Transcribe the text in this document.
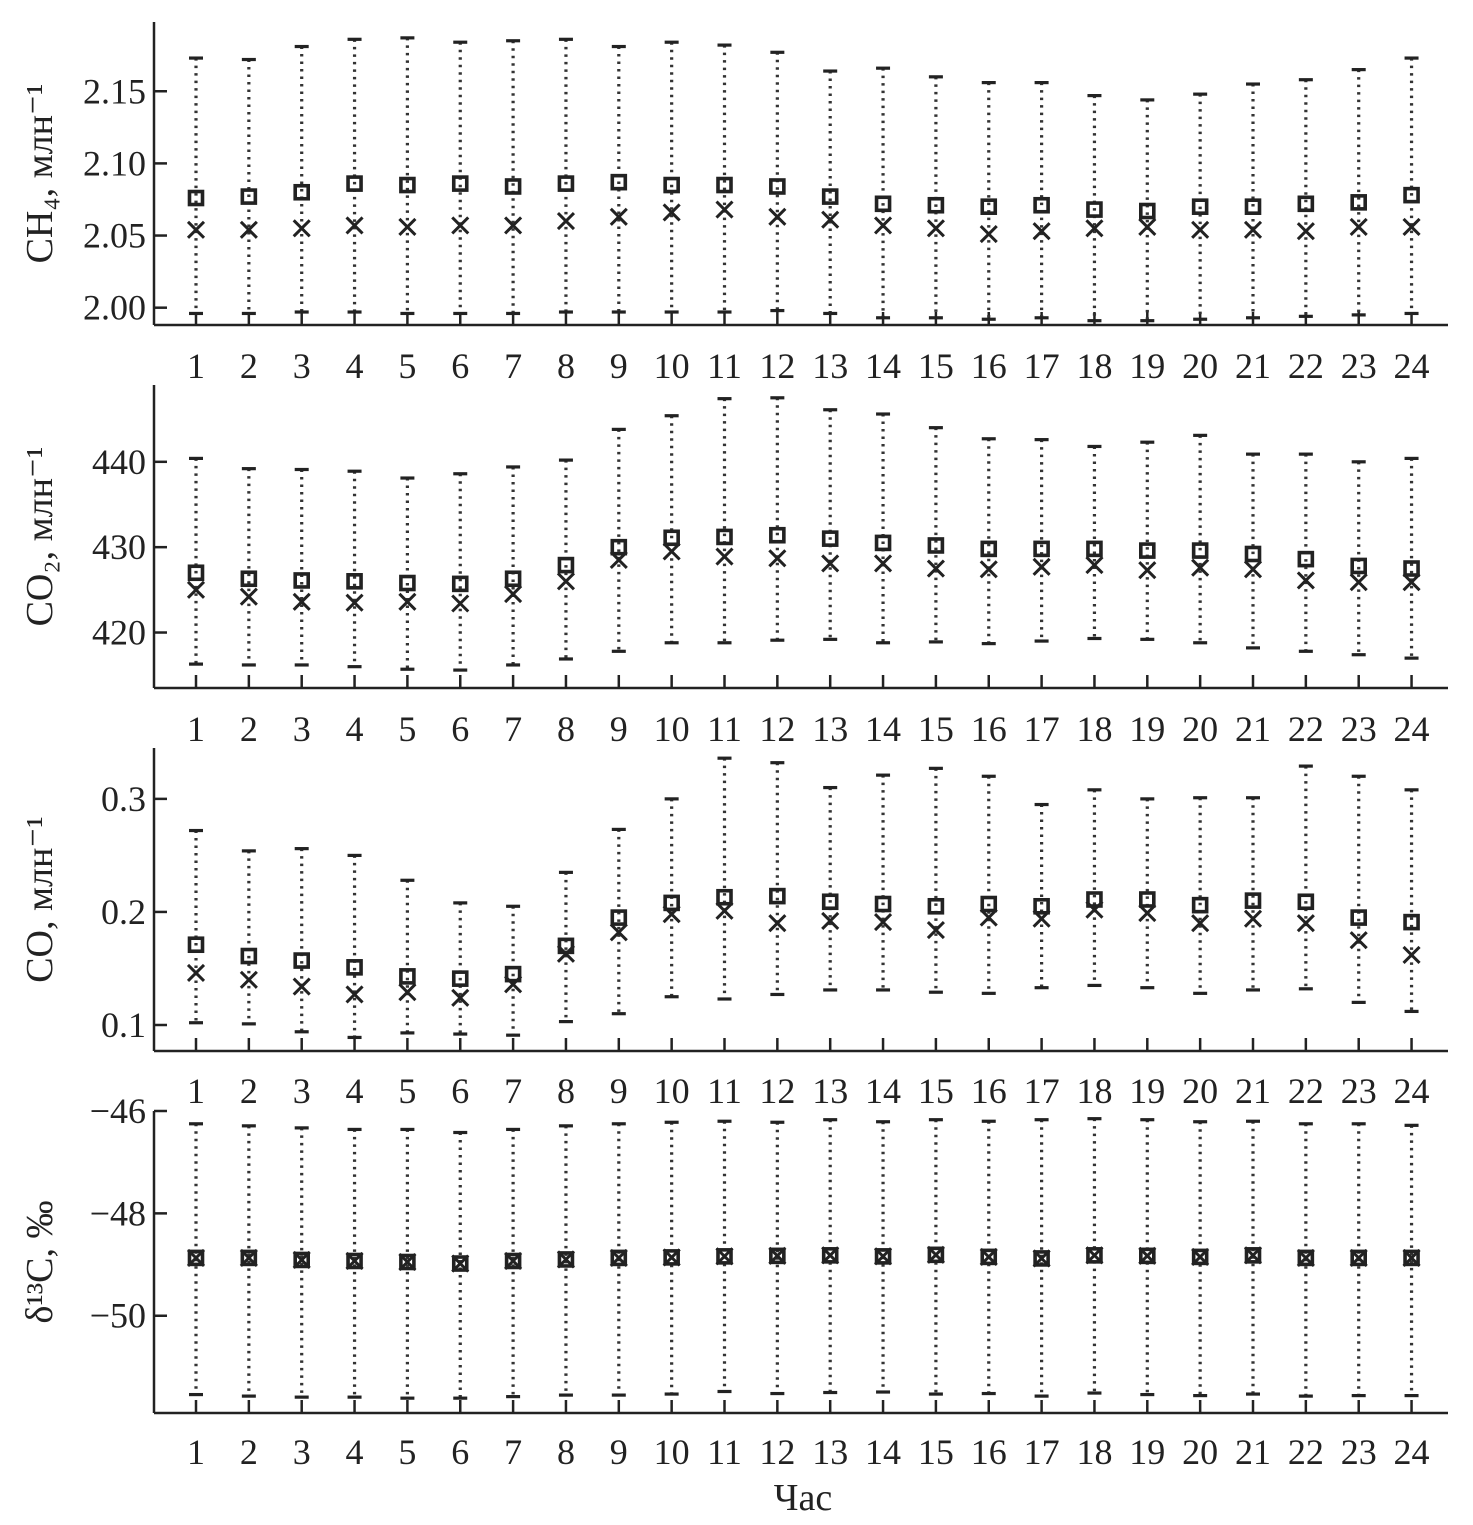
2.00
2.05
2.10
2.15
1 2 3 4 5 6 7 8 9 10 11 12 13 14 15 16 17 18 19 20 21 22 23 24
CH₄, млн⁻¹
420
430
440
1 2 3 4 5 6 7 8 9 10 11 12 13 14 15 16 17 18 19 20 21 22 23 24
CO₂, млн⁻¹
0.1
0.2
0.3
1 2 3 4 5 6 7 8 9 10 11 12 13 14 15 16 17 18 19 20 21 22 23 24
CO, млн⁻¹
−50
−48
−46
1 2 3 4 5 6 7 8 9 10 11 12 13 14 15 16 17 18 19 20 21 22 23 24
δ¹³C, ‰
Час
